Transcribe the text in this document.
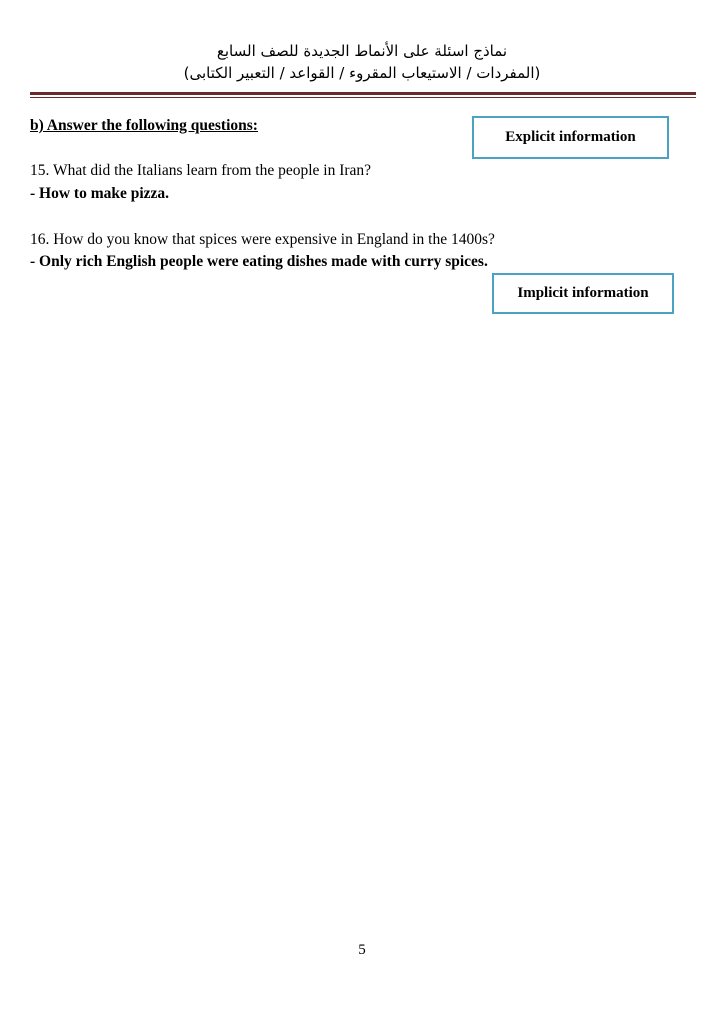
نماذج اسئلة على الأنماط الجديدة للصف السابع
(المفردات / الاستيعاب المقروء / القواعد / التعبير الكتابى)
b) Answer the following questions:
Explicit information
15. What did the Italians learn from the people in Iran?
- How to make pizza.
16. How do you know that spices were expensive in England in the 1400s?
- Only rich English people were eating dishes made with curry spices.
Implicit information
5
